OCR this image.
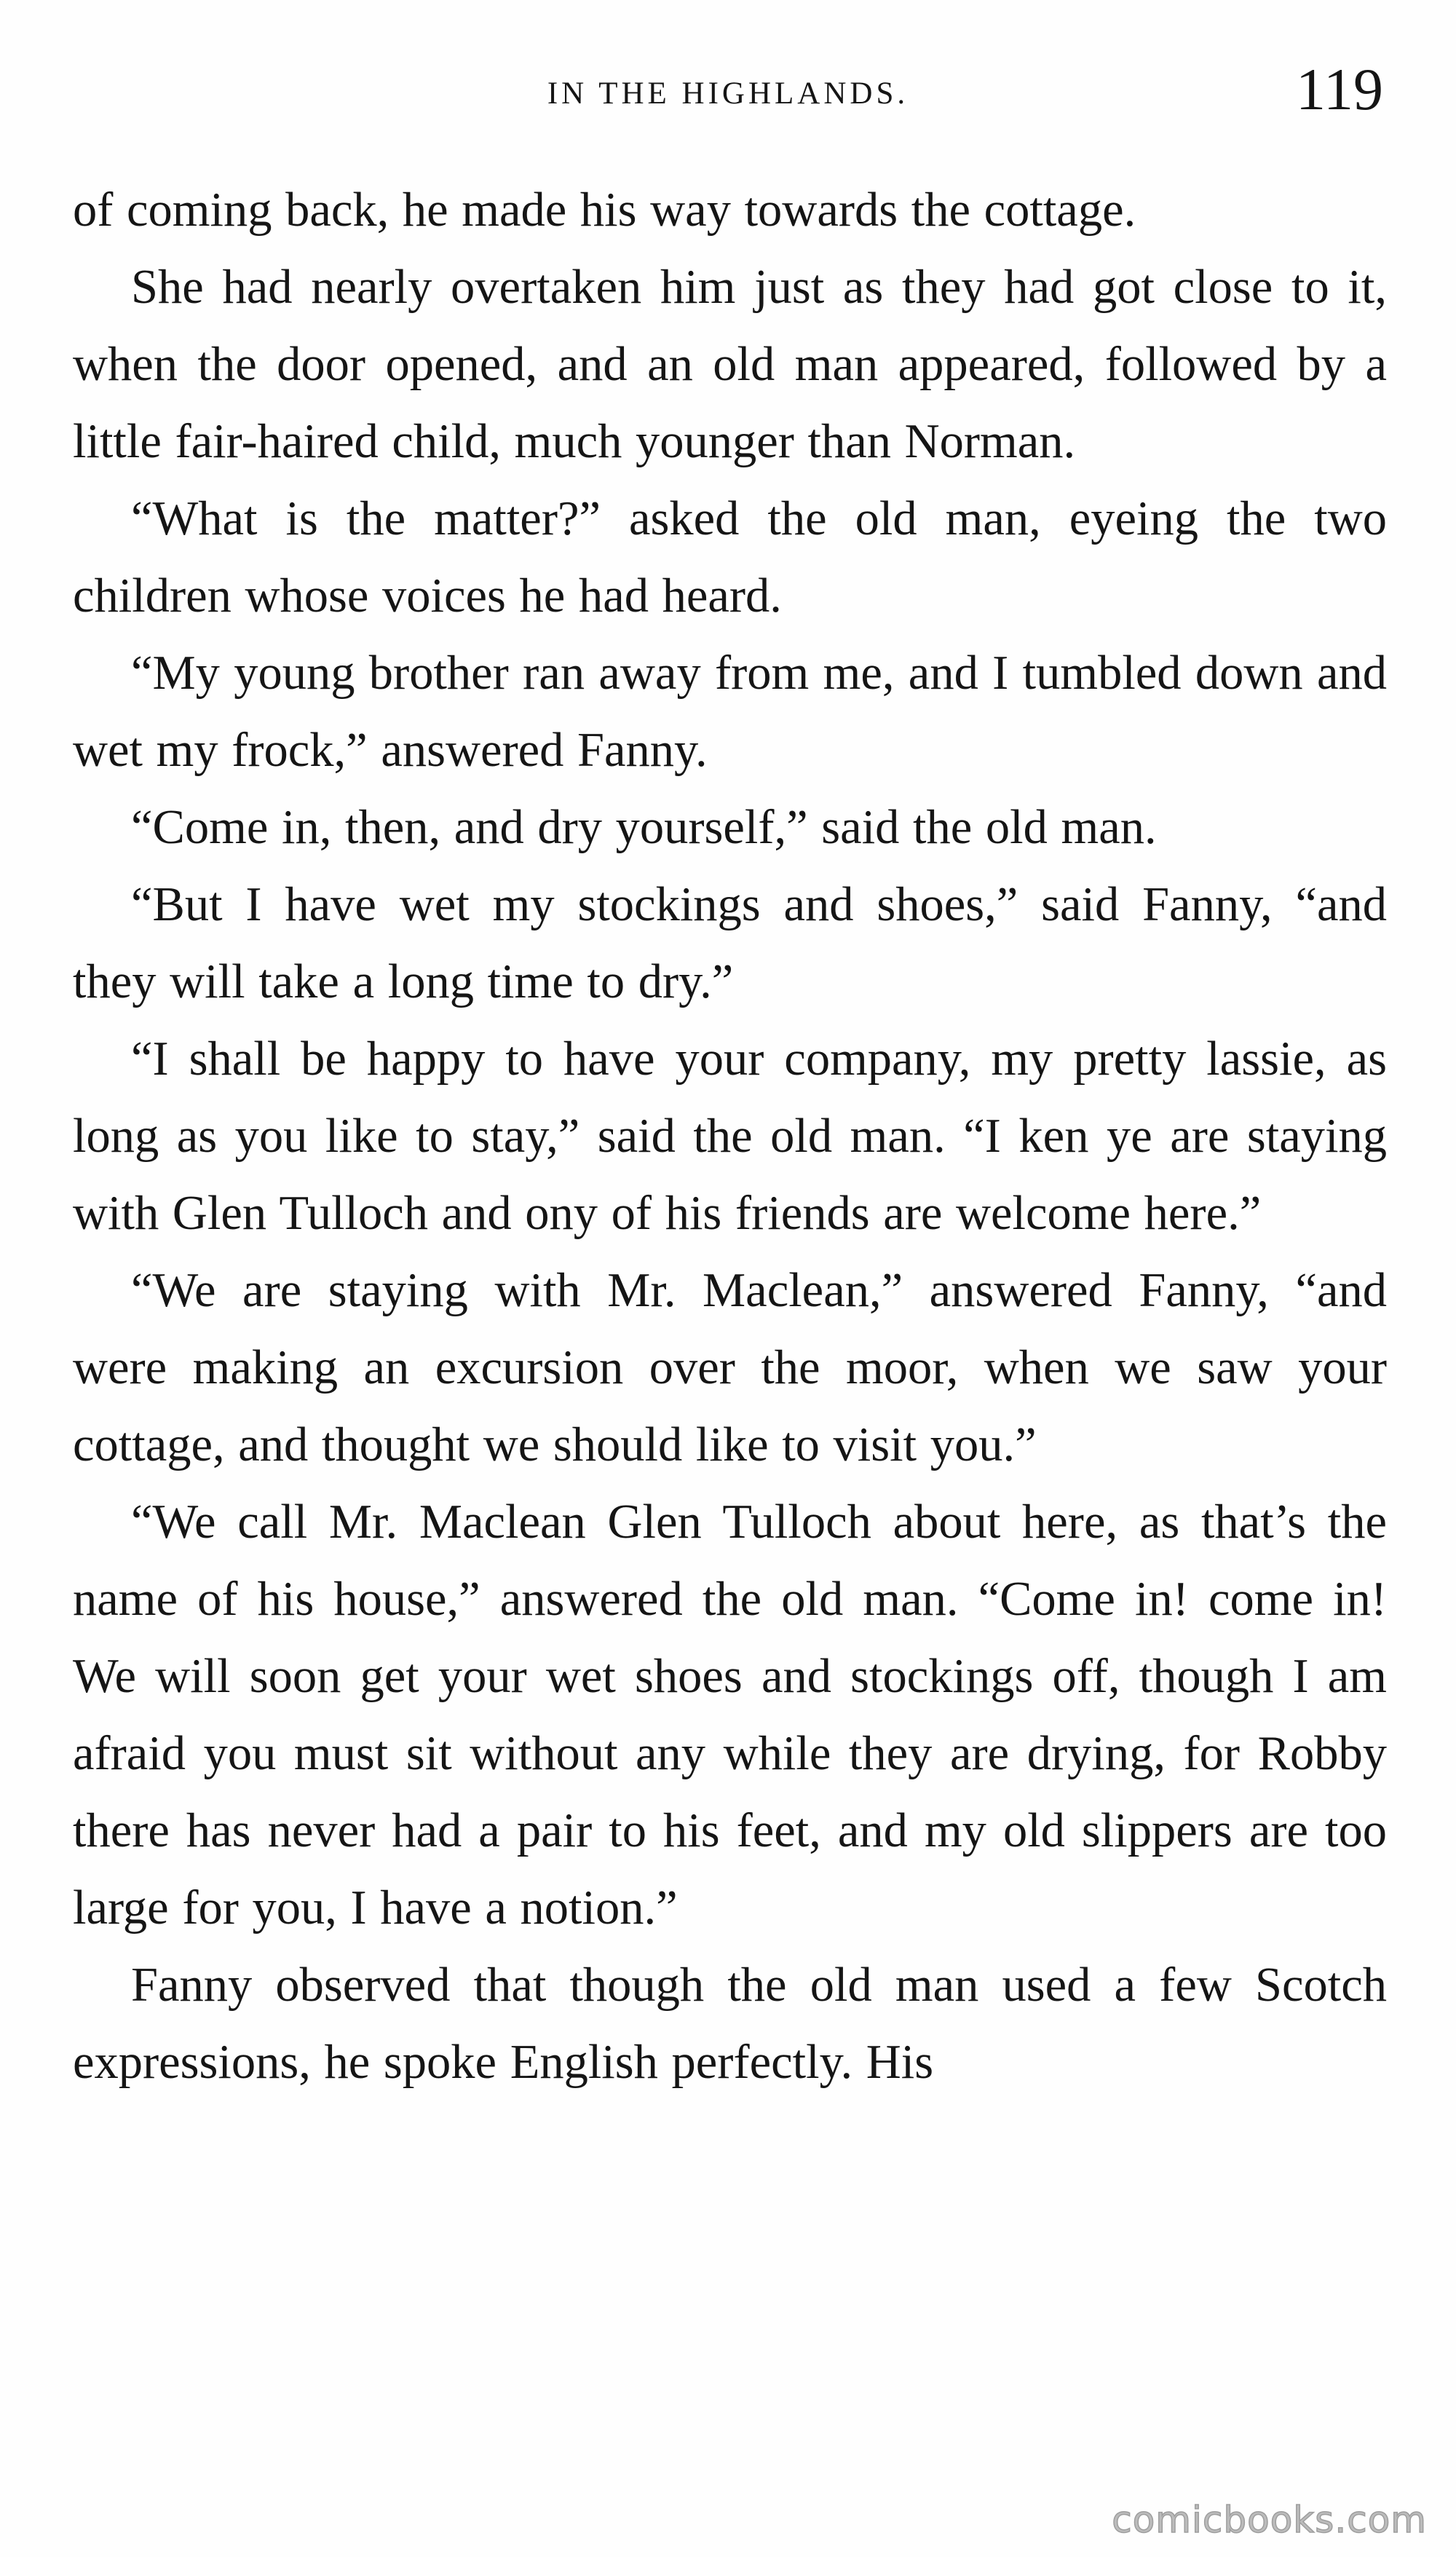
IN THE HIGHLANDS.	119

of coming back, he made his way towards the cottage.

She had nearly overtaken him just as they had got close to it, when the door opened, and an old man appeared, followed by a little fair-haired child, much younger than Norman.

“What is the matter?” asked the old man, eyeing the two children whose voices he had heard.

“My young brother ran away from me, and I tumbled down and wet my frock,” answered Fanny.

“Come in, then, and dry yourself,” said the old man.

“But I have wet my stockings and shoes,” said Fanny, “and they will take a long time to dry.”

“I shall be happy to have your company, my pretty lassie, as long as you like to stay,” said the old man. “I ken ye are staying with Glen Tulloch and ony of his friends are welcome here.”

“We are staying with Mr. Maclean,” answered Fanny, “and were making an excursion over the moor, when we saw your cottage, and thought we should like to visit you.”

“We call Mr. Maclean Glen Tulloch about here, as that’s the name of his house,” answered the old man. “Come in! come in! We will soon get your wet shoes and stockings off, though I am afraid you must sit without any while they are drying, for Robby there has never had a pair to his feet, and my old slippers are too large for you, I have a notion.”

Fanny observed that though the old man used a few Scotch expressions, he spoke English perfectly. His

comicbooks.com
